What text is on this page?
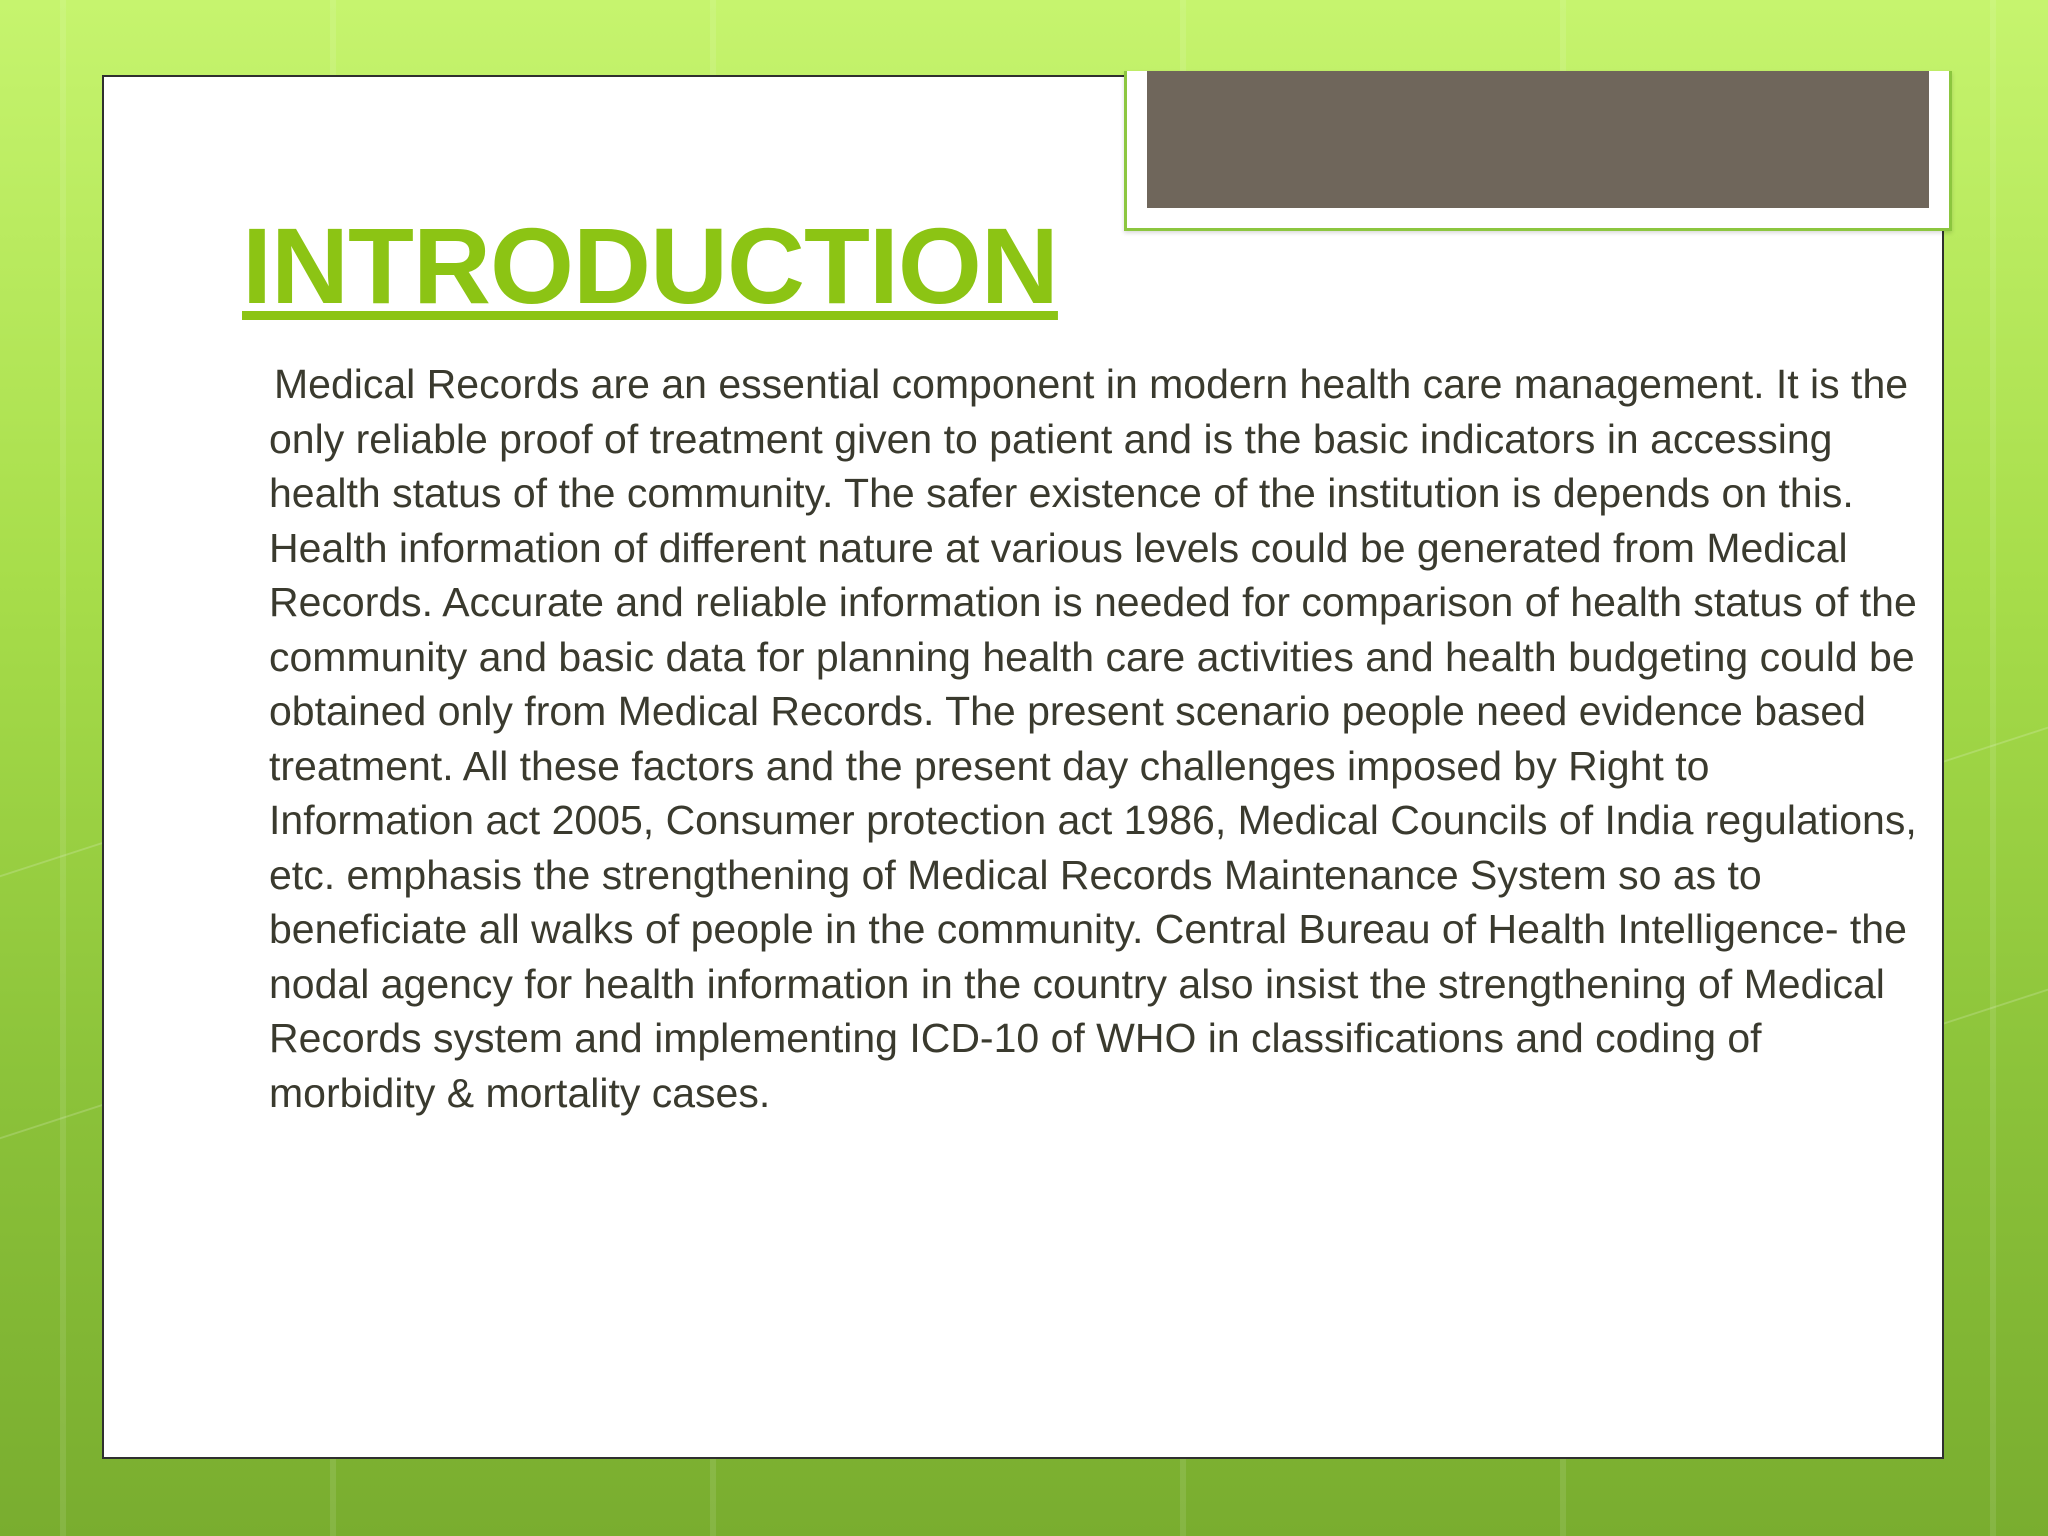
INTRODUCTION

Medical Records are an essential component in modern health care management. It is the only reliable proof of treatment given to patient and is the basic indicators in accessing health status of the community. The safer existence of the institution is depends on this. Health information of different nature at various levels could be generated from Medical Records. Accurate and reliable information is needed for comparison of health status of the community and basic data for planning health care activities and health budgeting could be obtained only from Medical Records. The present scenario people need evidence based treatment. All these factors and the present day challenges imposed by Right to Information act 2005, Consumer protection act 1986, Medical Councils of India regulations, etc. emphasis the strengthening of Medical Records Maintenance System so as to beneficiate all walks of people in the community. Central Bureau of Health Intelligence- the nodal agency for health information in the country also insist the strengthening of Medical Records system and implementing ICD-10 of WHO in classifications and coding of morbidity & mortality cases.
